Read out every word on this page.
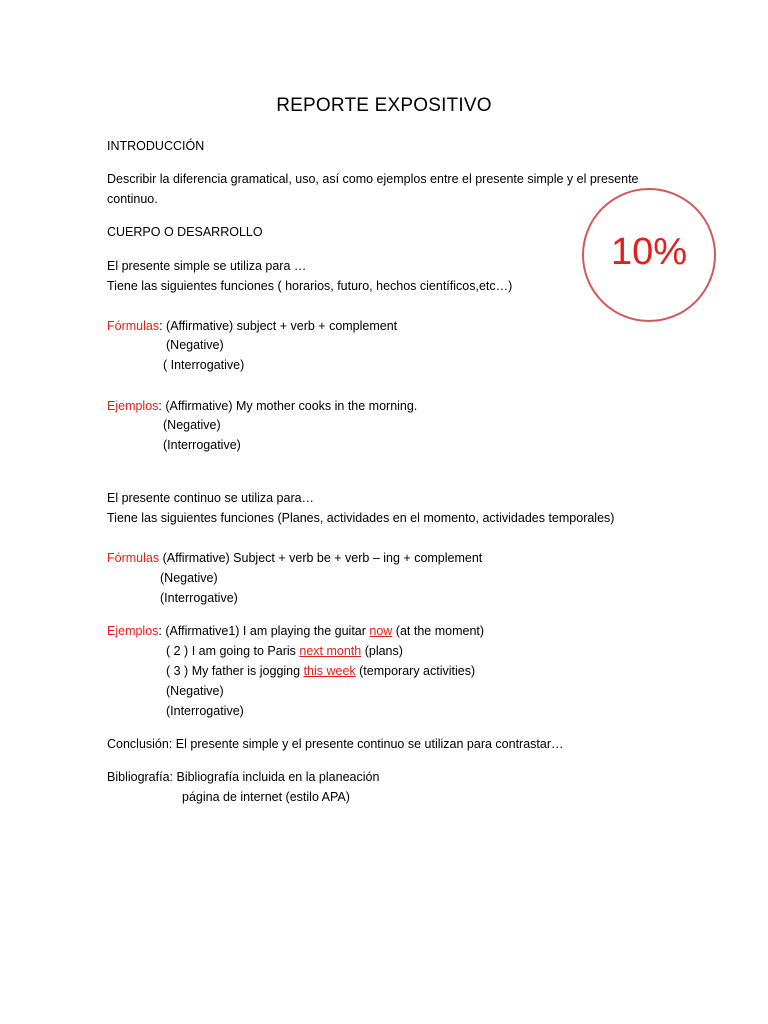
REPORTE EXPOSITIVO
10%
INTRODUCCIÓN
Describir la diferencia gramatical, uso, así como ejemplos entre el presente simple y el presente
continuo.
CUERPO O DESARROLLO
El presente simple se utiliza para …
Tiene las siguientes funciones ( horarios, futuro, hechos científicos,etc…)
Fórmulas: (Affirmative) subject + verb + complement
(Negative)
( Interrogative)
Ejemplos: (Affirmative) My mother cooks in the morning.
(Negative)
(Interrogative)
El presente continuo se utiliza para…
Tiene las siguientes funciones (Planes, actividades en el momento, actividades temporales)
Fórmulas (Affirmative) Subject + verb be + verb – ing + complement
(Negative)
(Interrogative)
Ejemplos: (Affirmative1) I am playing the guitar now (at the moment)
( 2 ) I am going to Paris next month (plans)
( 3 ) My father is jogging this week (temporary activities)
(Negative)
(Interrogative)
Conclusión: El presente simple y el presente continuo se utilizan para contrastar…
Bibliografía: Bibliografía incluida en la planeación
página de internet (estilo APA)
